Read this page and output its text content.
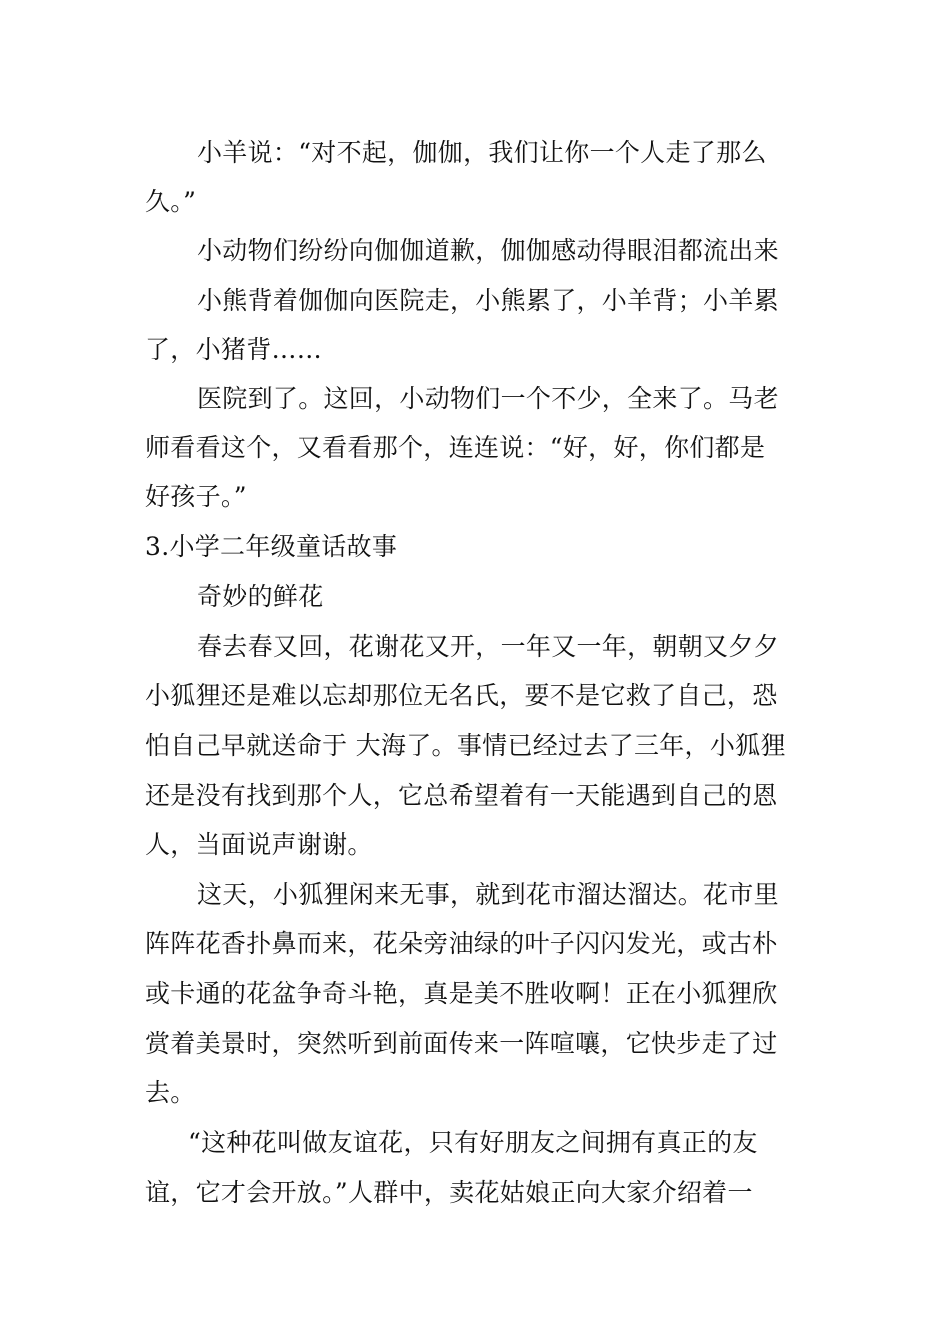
小羊说：“对不起，伽伽，我们让你一个人走了那么
久。”
小动物们纷纷向伽伽道歉，伽伽感动得眼泪都流出来
小熊背着伽伽向医院走，小熊累了，小羊背；小羊累
了，小猪背……
医院到了。这回，小动物们一个不少，全来了。马老
师看看这个，又看看那个，连连说：“好，好，你们都是
好孩子。”
3.小学二年级童话故事
奇妙的鲜花
春去春又回，花谢花又开，一年又一年，朝朝又夕夕
小狐狸还是难以忘却那位无名氏，要不是它救了自己，恐
怕自己早就送命于 大海了。事情已经过去了三年，小狐狸
还是没有找到那个人，它总希望着有一天能遇到自己的恩
人，当面说声谢谢。
这天，小狐狸闲来无事，就到花市溜达溜达。花市里
阵阵花香扑鼻而来，花朵旁油绿的叶子闪闪发光，或古朴
或卡通的花盆争奇斗艳，真是美不胜收啊！正在小狐狸欣
赏着美景时，突然听到前面传来一阵喧嚷，它快步走了过
去。
“这种花叫做友谊花，只有好朋友之间拥有真正的友
谊，它才会开放。”人群中，卖花姑娘正向大家介绍着一
